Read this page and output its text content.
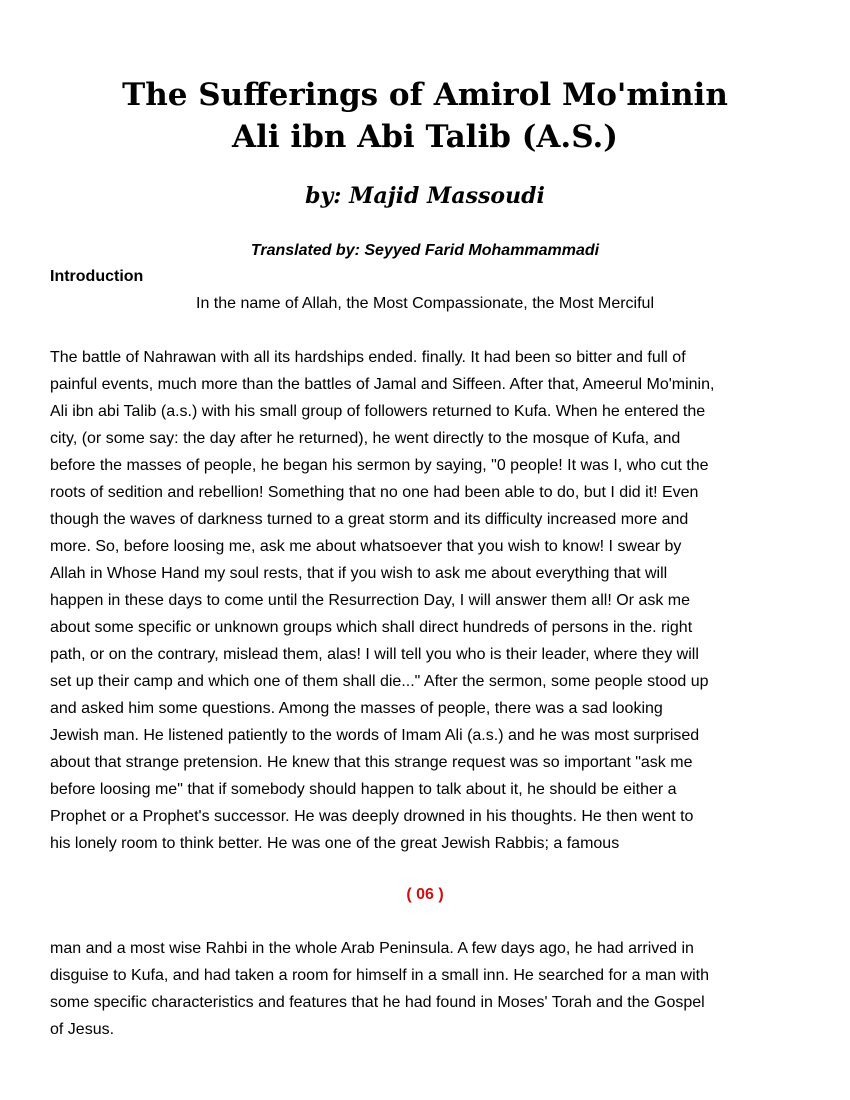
The Sufferings of Amirol Mo'minin
Ali ibn Abi Talib (A.S.)
by: Majid Massoudi

Translated by: Seyyed Farid Mohammammadi

Introduction

In the name of Allah, the Most Compassionate, the Most Merciful

The battle of Nahrawan with all its hardships ended. finally. It had been so bitter and full of
painful events, much more than the battles of Jamal and Siffeen. After that, Ameerul Mo'minin,
Ali ibn abi Talib (a.s.) with his small group of followers returned to Kufa. When he entered the
city, (or some say: the day after he returned), he went directly to the mosque of Kufa, and
before the masses of people, he began his sermon by saying, "0 people! It was I, who cut the
roots of sedition and rebellion! Something that no one had been able to do, but I did it! Even
though the waves of darkness turned to a great storm and its difficulty increased more and
more. So, before loosing me, ask me about whatsoever that you wish to know! I swear by
Allah in Whose Hand my soul rests, that if you wish to ask me about everything that will
happen in these days to come until the Resurrection Day, I will answer them all! Or ask me
about some specific or unknown groups which shall direct hundreds of persons in the. right
path, or on the contrary, mislead them, alas! I will tell you who is their leader, where they will
set up their camp and which one of them shall die..." After the sermon, some people stood up
and asked him some questions. Among the masses of people, there was a sad looking
Jewish man. He listened patiently to the words of Imam Ali (a.s.) and he was most surprised
about that strange pretension. He knew that this strange request was so important "ask me
before loosing me" that if somebody should happen to talk about it, he should be either a
Prophet or a Prophet's successor. He was deeply drowned in his thoughts. He then went to
his lonely room to think better. He was one of the great Jewish Rabbis; a famous

( 06 )

man and a most wise Rahbi in the whole Arab Peninsula. A few days ago, he had arrived in
disguise to Kufa, and had taken a room for himself in a small inn. He searched for a man with
some specific characteristics and features that he had found in Moses' Torah and the Gospel
of Jesus.
